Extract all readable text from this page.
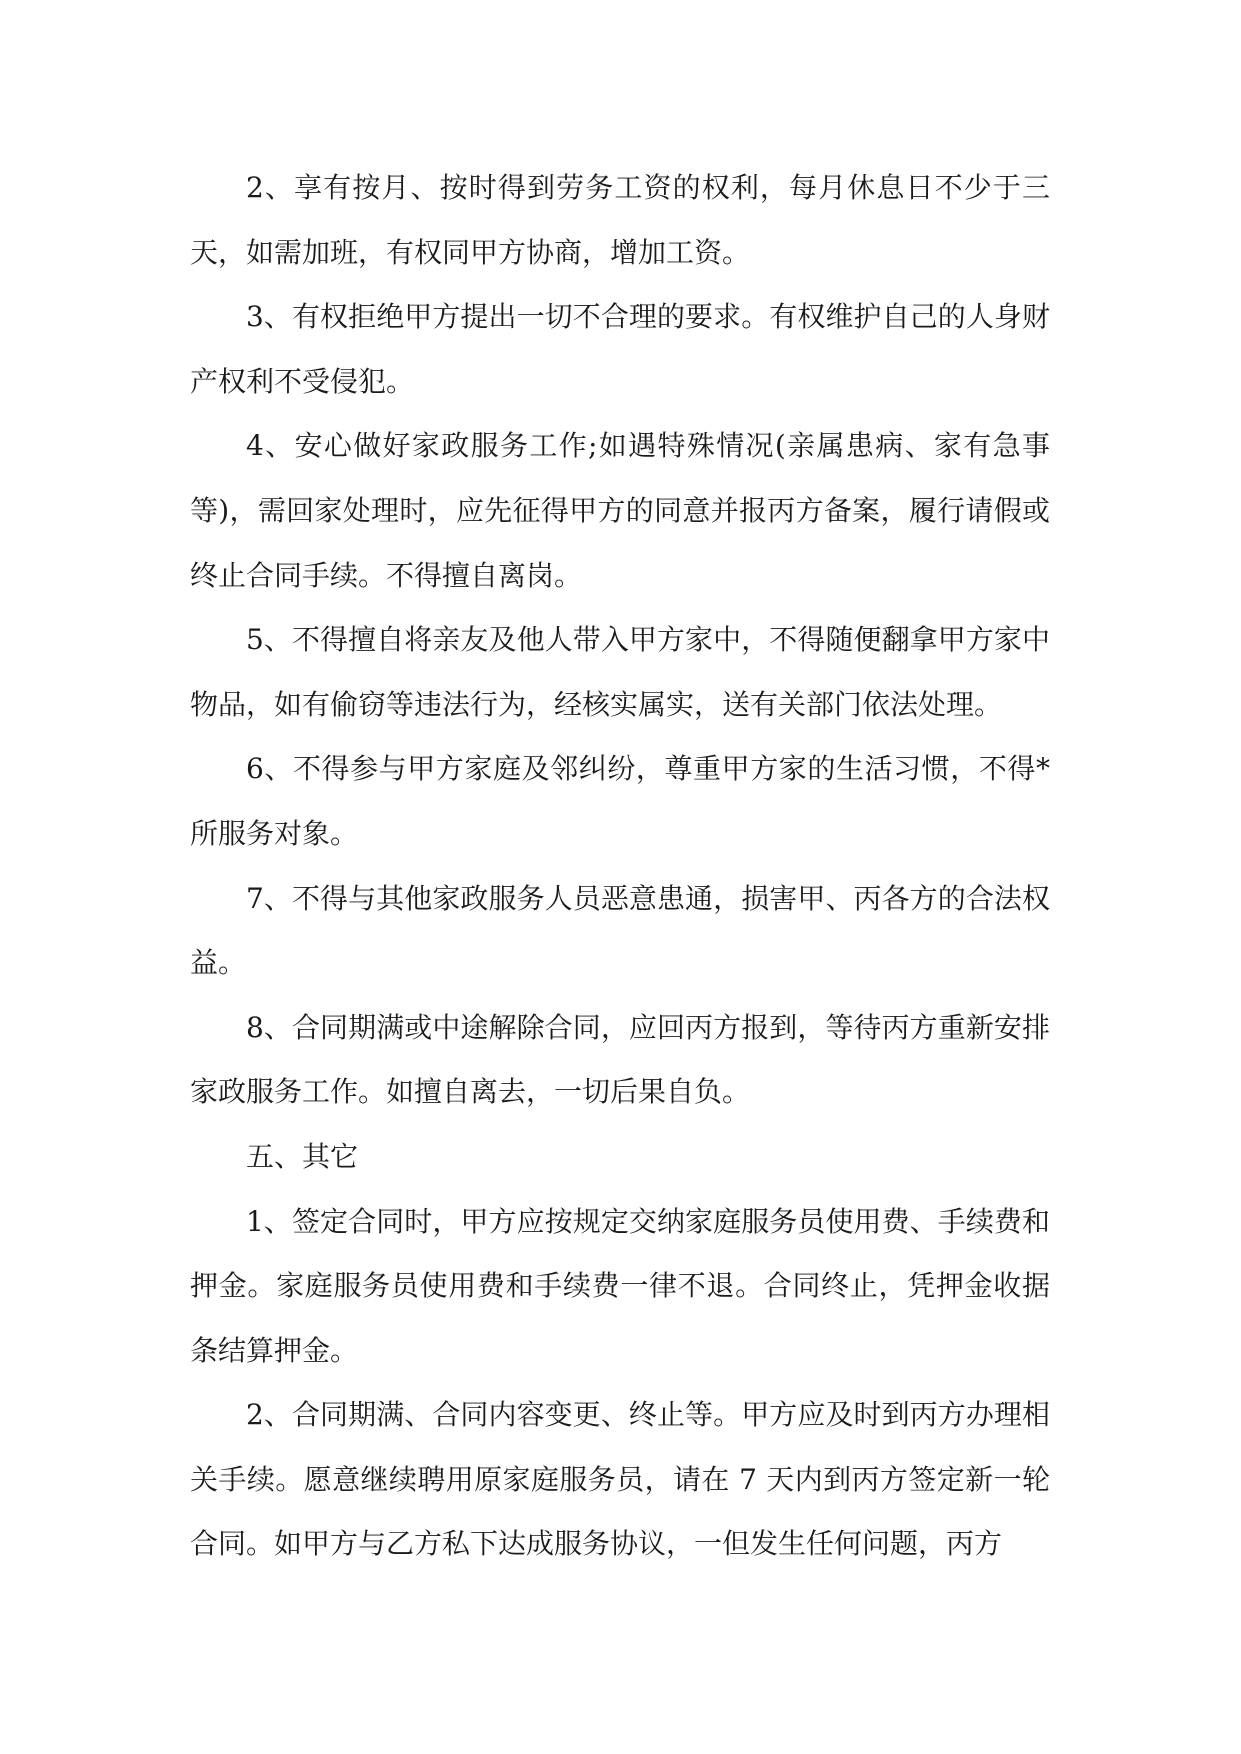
2、享有按月、按时得到劳务工资的权利，每月休息日不少于三天，如需加班，有权同甲方协商，增加工资。

3、有权拒绝甲方提出一切不合理的要求。有权维护自己的人身财产权利不受侵犯。

4、安心做好家政服务工作;如遇特殊情况(亲属患病、家有急事等)，需回家处理时，应先征得甲方的同意并报丙方备案，履行请假或终止合同手续。不得擅自离岗。

5、不得擅自将亲友及他人带入甲方家中，不得随便翻拿甲方家中物品，如有偷窃等违法行为，经核实属实，送有关部门依法处理。

6、不得参与甲方家庭及邻纠纷，尊重甲方家的生活习惯，不得*所服务对象。

7、不得与其他家政服务人员恶意患通，损害甲、丙各方的合法权益。

8、合同期满或中途解除合同，应回丙方报到，等待丙方重新安排家政服务工作。如擅自离去，一切后果自负。

五、其它

1、签定合同时，甲方应按规定交纳家庭服务员使用费、手续费和押金。家庭服务员使用费和手续费一律不退。合同终止，凭押金收据条结算押金。

2、合同期满、合同内容变更、终止等。甲方应及时到丙方办理相关手续。愿意继续聘用原家庭服务员，请在 7 天内到丙方签定新一轮合同。如甲方与乙方私下达成服务协议，一但发生任何问题，丙方
